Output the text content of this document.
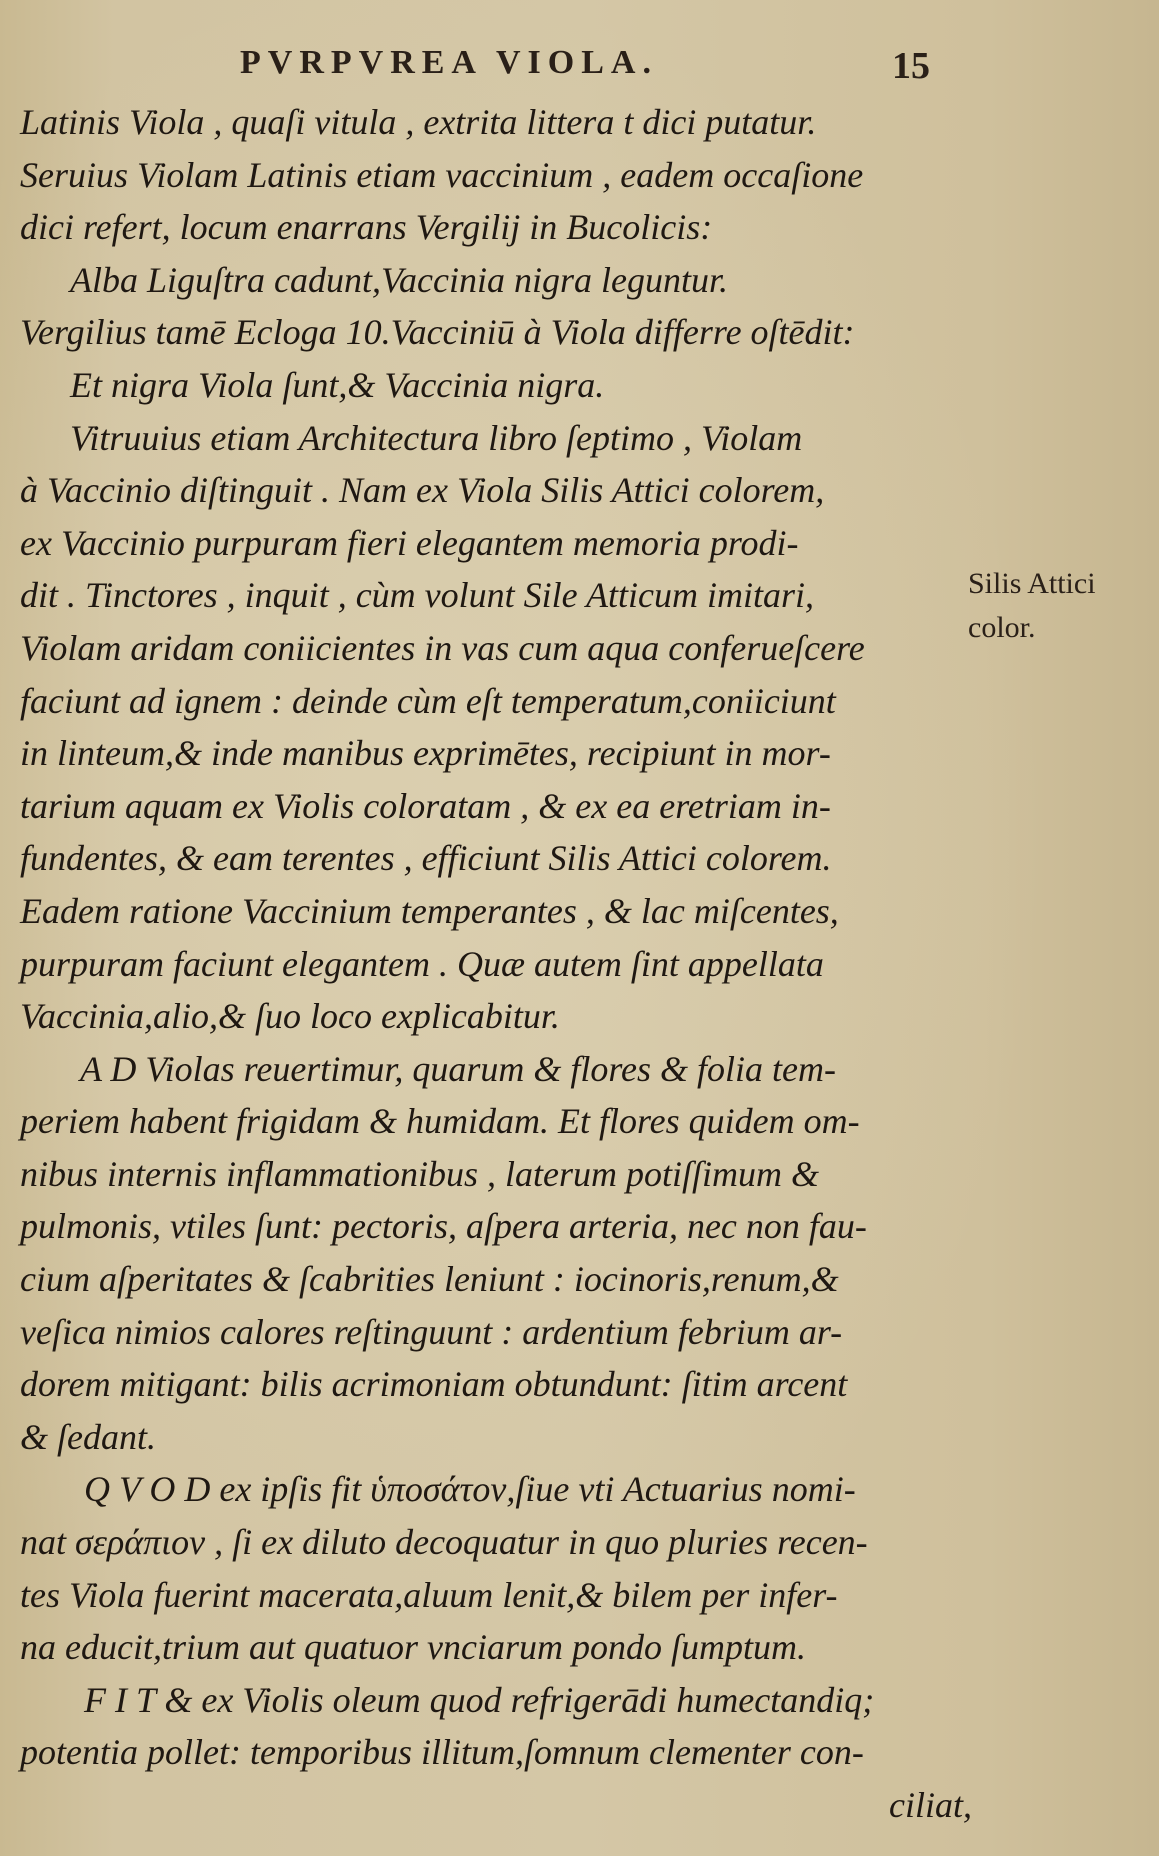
PVRPVREA VIOLA.	15
Latinis Viola , quaſi vitula , extrita littera t dici putatur.
Seruius Violam Latinis etiam vaccinium , eadem occaſione
dici refert, locum enarrans Vergilij in Bucolicis:
Alba Liguſtra cadunt,Vaccinia nigra leguntur.
Vergilius tamē Ecloga 10.Vacciniū à Viola differre oſtēdit:
Et nigra Viola ſunt,& Vaccinia nigra.
Vitruuius etiam Architectura libro ſeptimo , Violam
à Vaccinio diſtinguit . Nam ex Viola Silis Attici colorem,
ex Vaccinio purpuram fieri elegantem memoria prodi-
dit . Tinctores , inquit , cùm volunt Sile Atticum imitari,
Violam aridam coniicientes in vas cum aqua conferueſcere
faciunt ad ignem : deinde cùm eſt temperatum,coniiciunt
in linteum,& inde manibus exprimētes, recipiunt in mor-
tarium aquam ex Violis coloratam , & ex ea eretriam in-
fundentes, & eam terentes , efficiunt Silis Attici colorem.
Eadem ratione Vaccinium temperantes , & lac miſcentes,
purpuram faciunt elegantem . Quæ autem ſint appellata
Vaccinia,alio,& ſuo loco explicabitur.
A D Violas reuertimur, quarum & flores & folia tem-
periem habent frigidam & humidam. Et flores quidem om-
nibus internis inflammationibus , laterum potiſſimum &
pulmonis, vtiles ſunt: pectoris, aſpera arteria, nec non fau-
cium aſperitates & ſcabrities leniunt : iocinoris,renum,&
veſica nimios calores reſtinguunt : ardentium febrium ar-
dorem mitigant: bilis acrimoniam obtundunt: ſitim arcent
& ſedant.
Q V O D ex ipſis fit ὑποσάτον,ſiue vti Actuarius nomi-
nat σεράπιον , ſi ex diluto decoquatur in quo pluries recen-
tes Viola fuerint macerata,aluum lenit,& bilem per infer-
na educit,trium aut quatuor vnciarum pondo ſumptum.
F I T & ex Violis oleum quod refrigerādi humectandiq;
potentia pollet: temporibus illitum,ſomnum clementer con-
ciliat,
Silis Attici
color.
